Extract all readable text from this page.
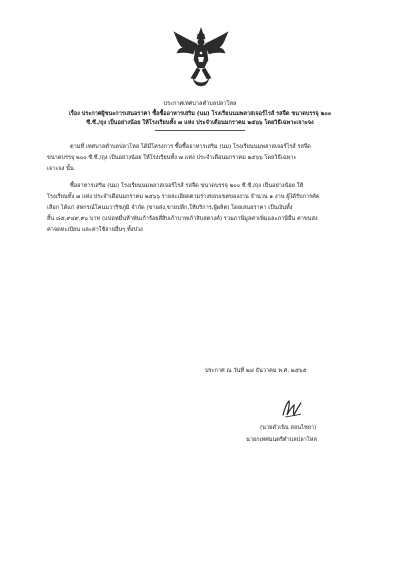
ประกาศเทศบาลตำบลปลาโหล
เรื่อง ประกาศผู้ชนะการเสนอราคา ซื้อซื้ออาหารเสริม (นม) โรงเรียนนมพลาสเจอร์ไรส์ รสจืด ขนาดบรรจุ ๒๐๐
ซี.ซี./ถุง เป็นอย่างน้อย ให้โรงเรียนทั้ง ๗ แห่ง ประจำเดือนมกราคม ๒๕๖๖ โดยวิธีเฉพาะเจาะจง
ตามที่ เทศบาลตำบลปลาโหล ได้มีโครงการ ซื้อซื้ออาหารเสริม (นม) โรงเรียนนมพลาสเจอร์ไรส์ รสจืด
ขนาดบรรจุ ๒๐๐ ซี.ซี./ถุง เป็นอย่างน้อย ให้โรงเรียนทั้ง ๗ แห่ง ประจำเดือนมกราคม ๒๕๖๖ โดยวิธีเฉพาะ
เจาะจง นั้น
ซื้ออาหารเสริม (นม) โรงเรียนนมพลาสเจอร์ไรส์ รสจืด ขนาดบรรจุ ๒๐๐ ซี.ซี./ถุง เป็นอย่างน้อย ให้
โรงเรียนทั้ง ๗ แห่ง ประจำเดือนมกราคม ๒๕๖๖ รายละเอียดตามร่างขอบเขตของงาน จำนวน ๑ งาน ผู้ได้รับการคัด
เลือก ได้แก่ สหกรณ์โคนมวาริชภูมิ จำกัด (ขายส่ง,ขายปลีก,ให้บริการ,ผู้ผลิต) โดยเสนอราคา เป็นเงินทั้ง
สิ้น ๘๕,๙๔๙.๙๐ บาท (แปดหมื่นห้าพันเก้าร้อยสี่สิบเก้าบาทเก้าสิบสตางค์) รวมภาษีมูลค่าเพิ่มและภาษีอื่น ค่าขนส่ง
ค่าจดทะเบียน และค่าใช้จ่ายอื่นๆ ทั้งปวง
ประกาศ ณ วันที่ ๒๘ ธันวาคม พ.ศ. ๒๕๖๕
(นายดำเนิน สอนไชยา)
นายกเทศมนตรีตำบลปลาโหล
